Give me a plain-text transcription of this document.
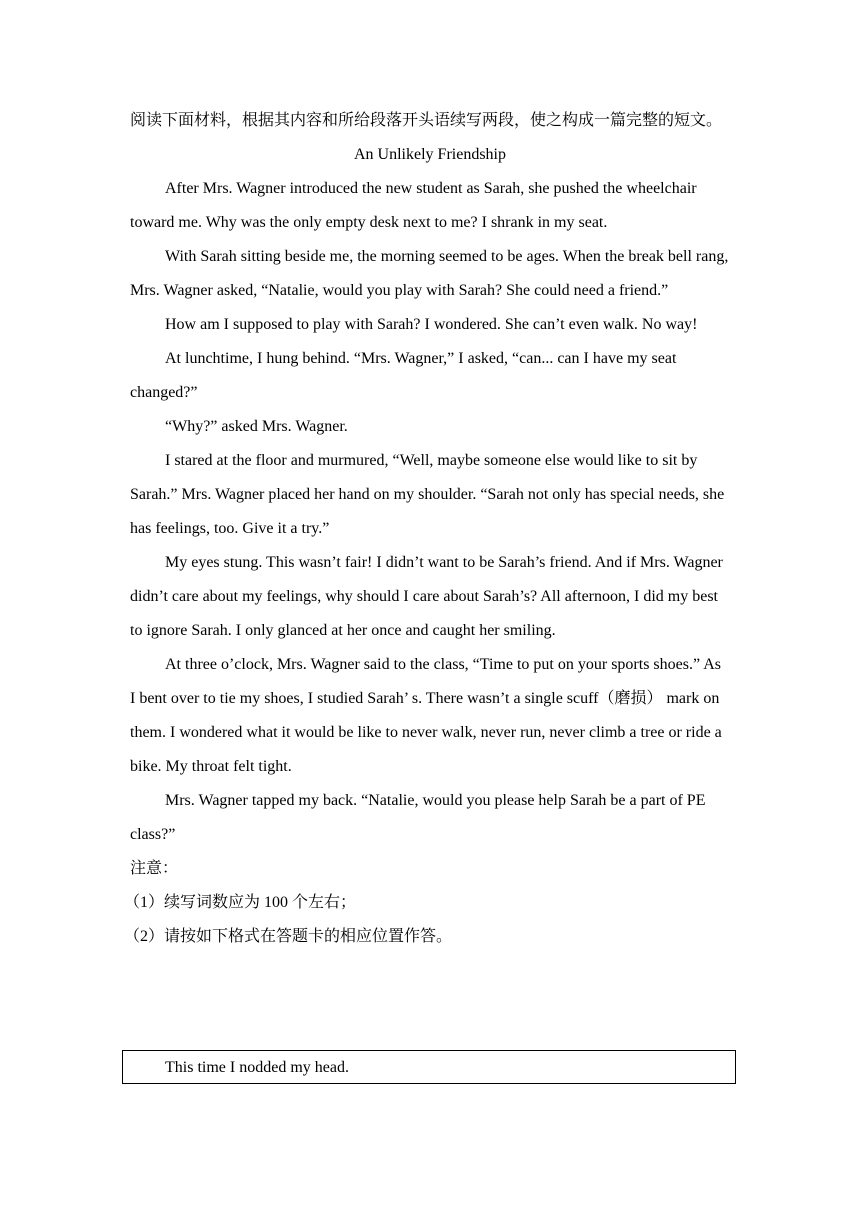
阅读下面材料，根据其内容和所给段落开头语续写两段，使之构成一篇完整的短文。

An Unlikely Friendship

After Mrs. Wagner introduced the new student as Sarah, she pushed the wheelchair toward me. Why was the only empty desk next to me? I shrank in my seat.

With Sarah sitting beside me, the morning seemed to be ages. When the break bell rang, Mrs. Wagner asked, “Natalie, would you play with Sarah? She could need a friend.”

How am I supposed to play with Sarah? I wondered. She can’t even walk. No way!

At lunchtime, I hung behind. “Mrs. Wagner,” I asked, “can... can I have my seat changed?”

“Why?” asked Mrs. Wagner.

I stared at the floor and murmured, “Well, maybe someone else would like to sit by Sarah.” Mrs. Wagner placed her hand on my shoulder. “Sarah not only has special needs, she has feelings, too. Give it a try.”

My eyes stung. This wasn’t fair! I didn’t want to be Sarah’s friend. And if Mrs. Wagner didn’t care about my feelings, why should I care about Sarah’s? All afternoon, I did my best to ignore Sarah. I only glanced at her once and caught her smiling.

At three o’clock, Mrs. Wagner said to the class, “Time to put on your sports shoes.” As I bent over to tie my shoes, I studied Sarah’ s. There wasn’t a single scuff（磨损） mark on them. I wondered what it would be like to never walk, never run, never climb a tree or ride a bike. My throat felt tight.

Mrs. Wagner tapped my back. “Natalie, would you please help Sarah be a part of PE class?”

注意：

（1）续写词数应为 100 个左右；

（2）请按如下格式在答题卡的相应位置作答。

This time I nodded my head.
